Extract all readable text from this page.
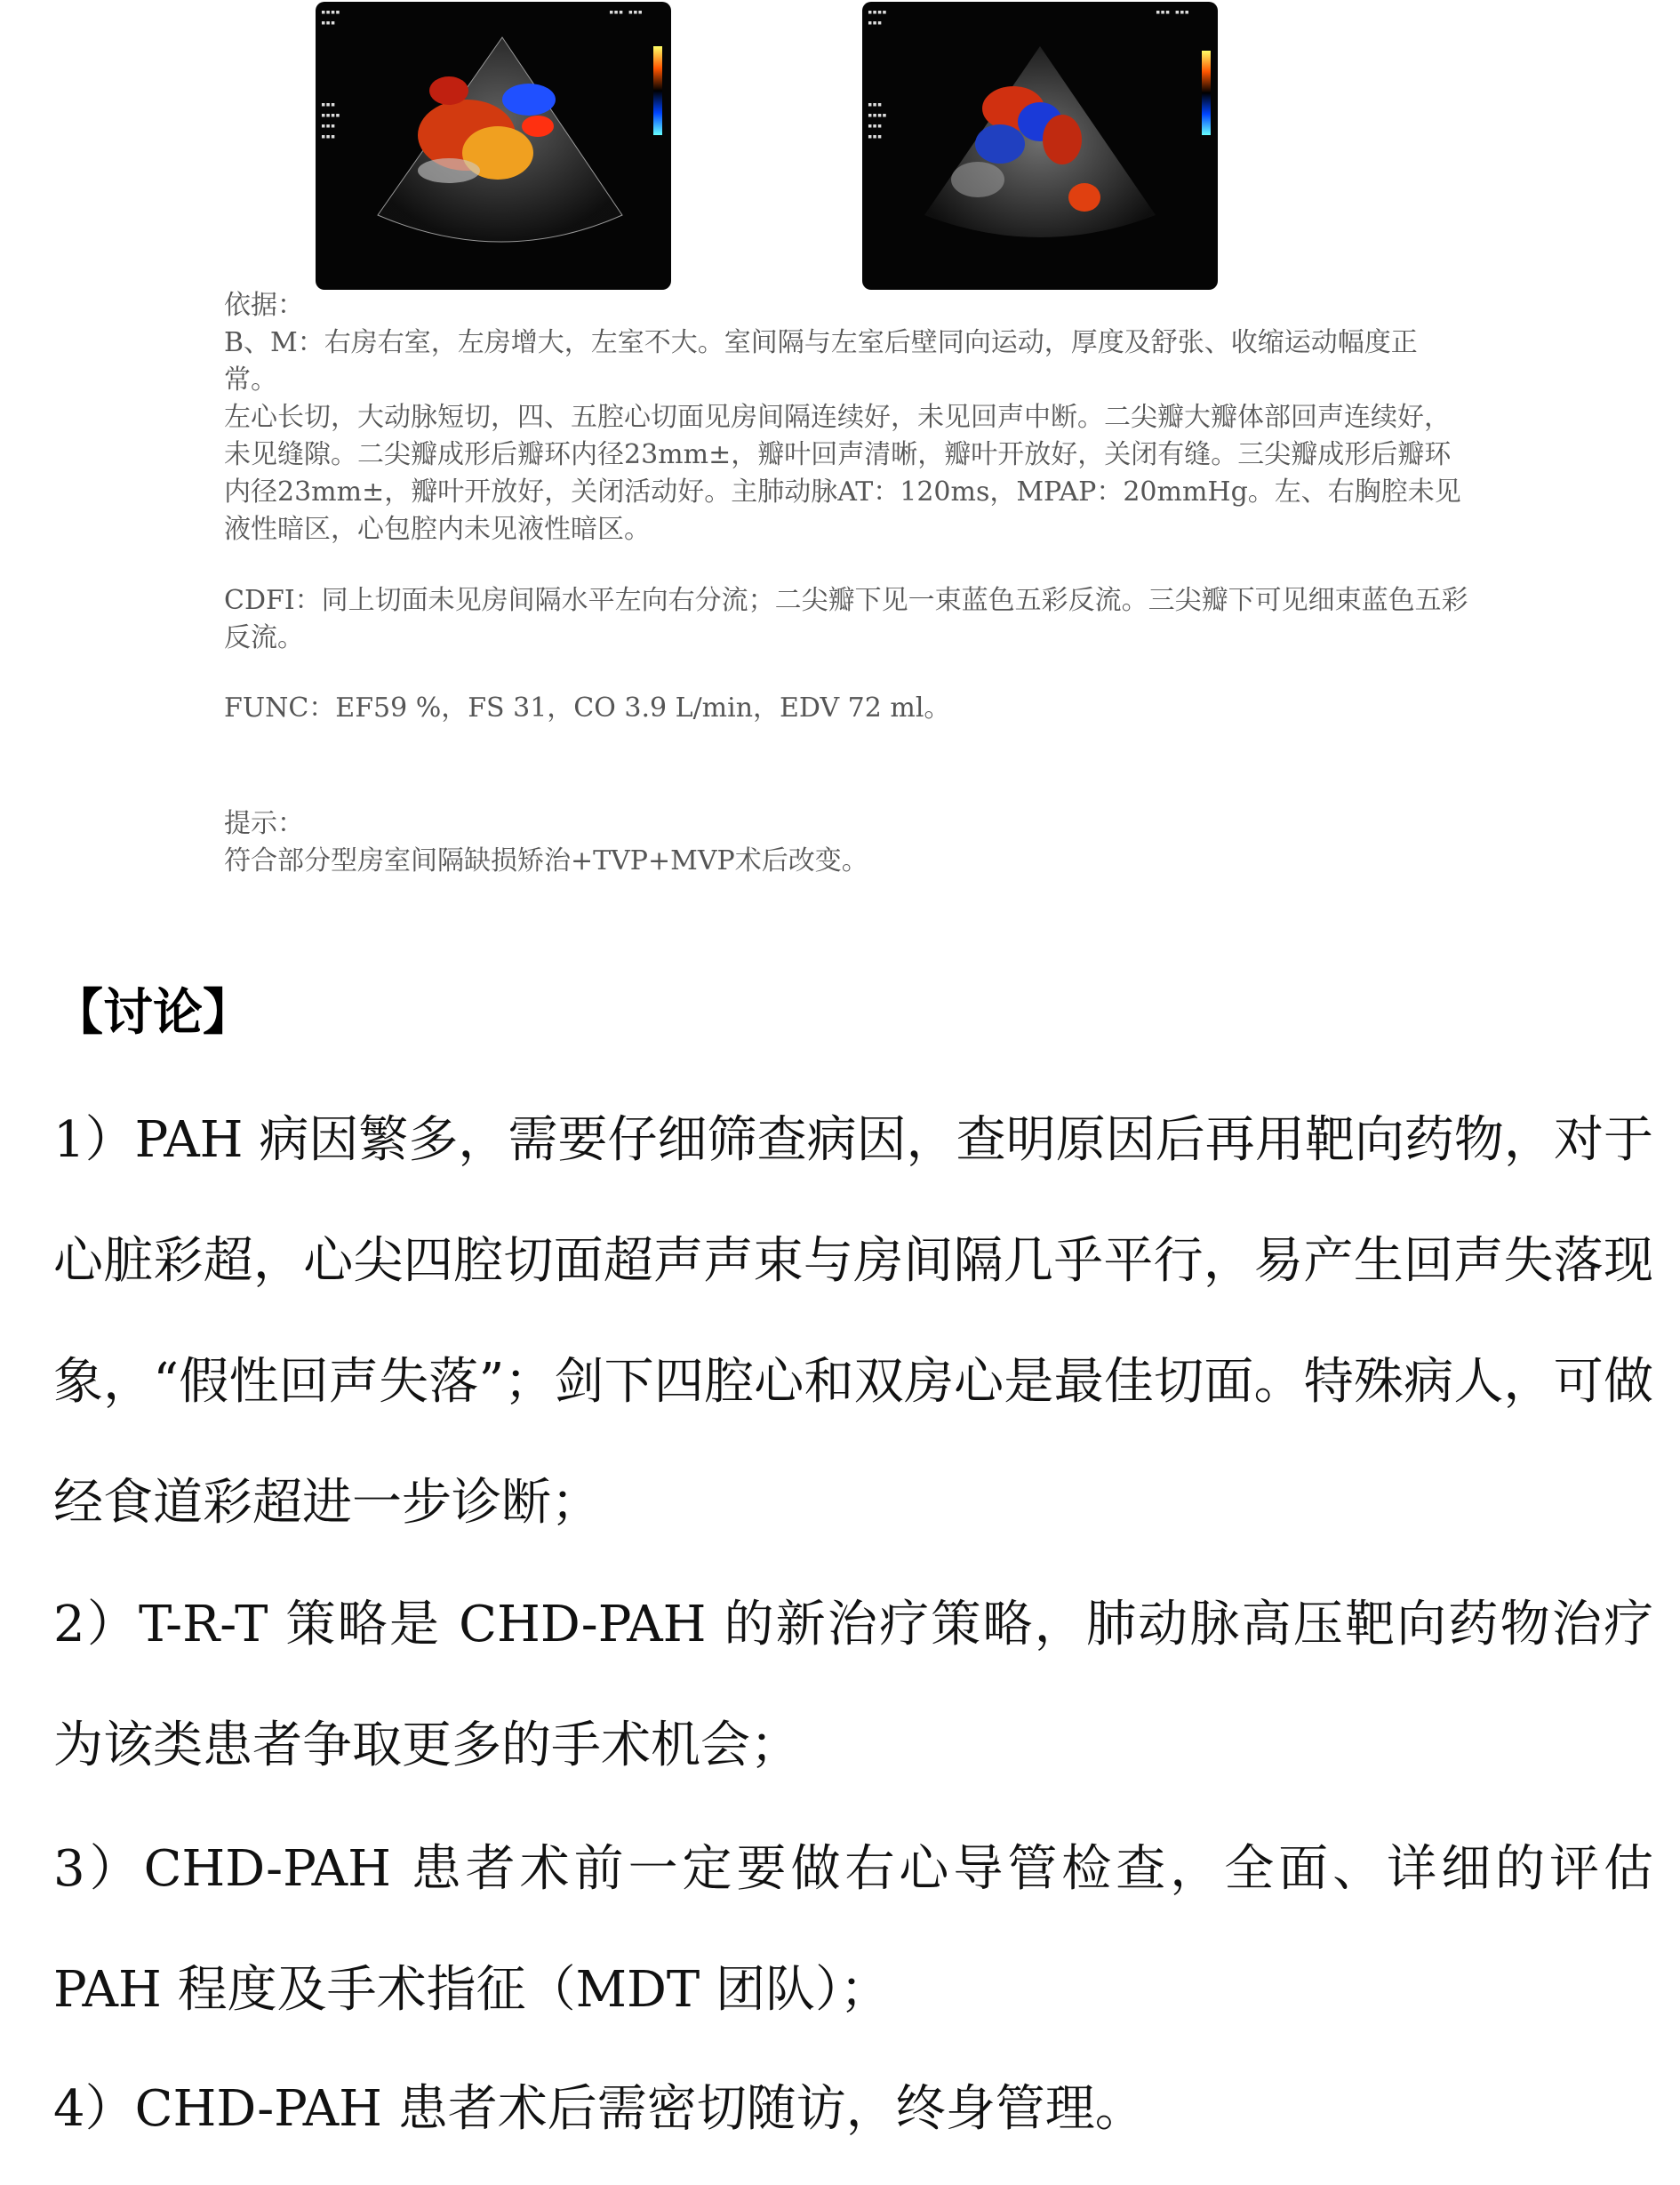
▪▪▪▪
▪▪▪
▪▪▪
▪▪▪▪
▪▪▪
▪▪▪
▪▪▪ ▪▪▪	▪▪▪▪
▪▪▪
▪▪▪
▪▪▪▪
▪▪▪
▪▪▪
▪▪▪ ▪▪▪

依据：

B、M：右房右室，左房增大，左室不大。室间隔与左室后壁同向运动，厚度及舒张、收缩运动幅度正常。

左心长切，大动脉短切，四、五腔心切面见房间隔连续好，未见回声中断。二尖瓣大瓣体部回声连续好，未见缝隙。二尖瓣成形后瓣环内径23mm±，瓣叶回声清晰，瓣叶开放好，关闭有缝。三尖瓣成形后瓣环内径23mm±，瓣叶开放好，关闭活动好。主肺动脉AT：120ms，MPAP：20mmHg。左、右胸腔未见液性暗区，心包腔内未见液性暗区。

CDFI：同上切面未见房间隔水平左向右分流；二尖瓣下见一束蓝色五彩反流。三尖瓣下可见细束蓝色五彩反流。

FUNC：EF59 %，FS 31，CO 3.9 L/min，EDV 72 ml。

提示：

符合部分型房室间隔缺损矫治+TVP+MVP术后改变。

【讨论】
1）PAH 病因繁多，需要仔细筛查病因，查明原因后再用靶向药物，对于心脏彩超，心尖四腔切面超声声束与房间隔几乎平行，易产生回声失落现象，“假性回声失落”；剑下四腔心和双房心是最佳切面。特殊病人，可做经食道彩超进一步诊断；
2）T-R-T 策略是 CHD-PAH 的新治疗策略，肺动脉高压靶向药物治疗为该类患者争取更多的手术机会；
3）CHD-PAH 患者术前一定要做右心导管检查，全面、详细的评估 PAH 程度及手术指征（MDT 团队）；
4）CHD-PAH 患者术后需密切随访，终身管理。
